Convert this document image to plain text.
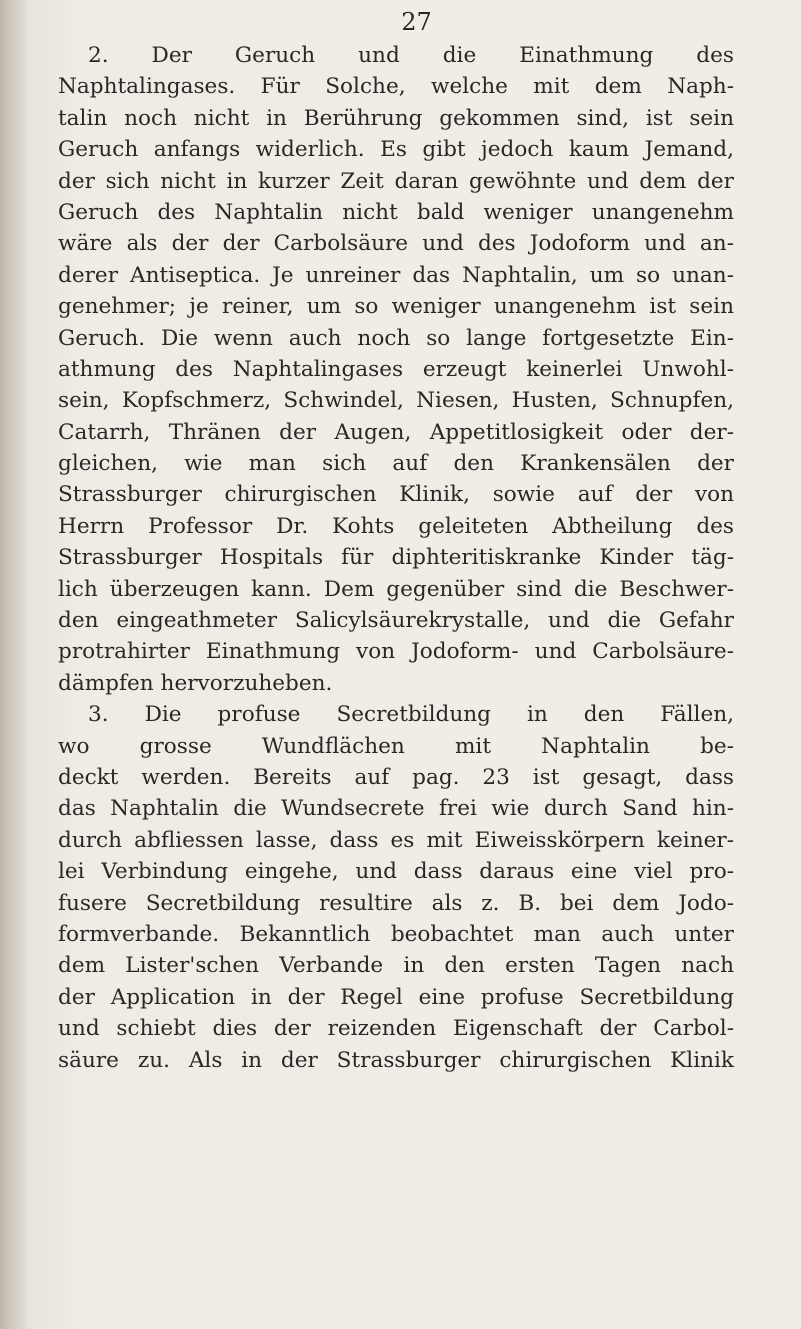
27
2. Der Geruch und die Einathmung des
Naphtalingases. Für Solche, welche mit dem Naph-
talin noch nicht in Berührung gekommen sind, ist sein
Geruch anfangs widerlich. Es gibt jedoch kaum Jemand,
der sich nicht in kurzer Zeit daran gewöhnte und dem der
Geruch des Naphtalin nicht bald weniger unangenehm
wäre als der der Carbolsäure und des Jodoform und an-
derer Antiseptica. Je unreiner das Naphtalin, um so unan-
genehmer; je reiner, um so weniger unangenehm ist sein
Geruch. Die wenn auch noch so lange fortgesetzte Ein-
athmung des Naphtalingases erzeugt keinerlei Unwohl-
sein, Kopfschmerz, Schwindel, Niesen, Husten, Schnupfen,
Catarrh, Thränen der Augen, Appetitlosigkeit oder der-
gleichen, wie man sich auf den Krankensälen der
Strassburger chirurgischen Klinik, sowie auf der von
Herrn Professor Dr. Kohts geleiteten Abtheilung des
Strassburger Hospitals für diphteritiskranke Kinder täg-
lich überzeugen kann. Dem gegenüber sind die Beschwer-
den eingeathmeter Salicylsäurekrystalle, und die Gefahr
protrahirter Einathmung von Jodoform- und Carbolsäure-
dämpfen hervorzuheben.
3. Die profuse Secretbildung in den Fällen,
wo grosse Wundflächen mit Naphtalin be-
deckt werden. Bereits auf pag. 23 ist gesagt, dass
das Naphtalin die Wundsecrete frei wie durch Sand hin-
durch abfliessen lasse, dass es mit Eiweisskörpern keiner-
lei Verbindung eingehe, und dass daraus eine viel pro-
fusere Secretbildung resultire als z. B. bei dem Jodo-
formverbande. Bekanntlich beobachtet man auch unter
dem Lister'schen Verbande in den ersten Tagen nach
der Application in der Regel eine profuse Secretbildung
und schiebt dies der reizenden Eigenschaft der Carbol-
säure zu. Als in der Strassburger chirurgischen Klinik
